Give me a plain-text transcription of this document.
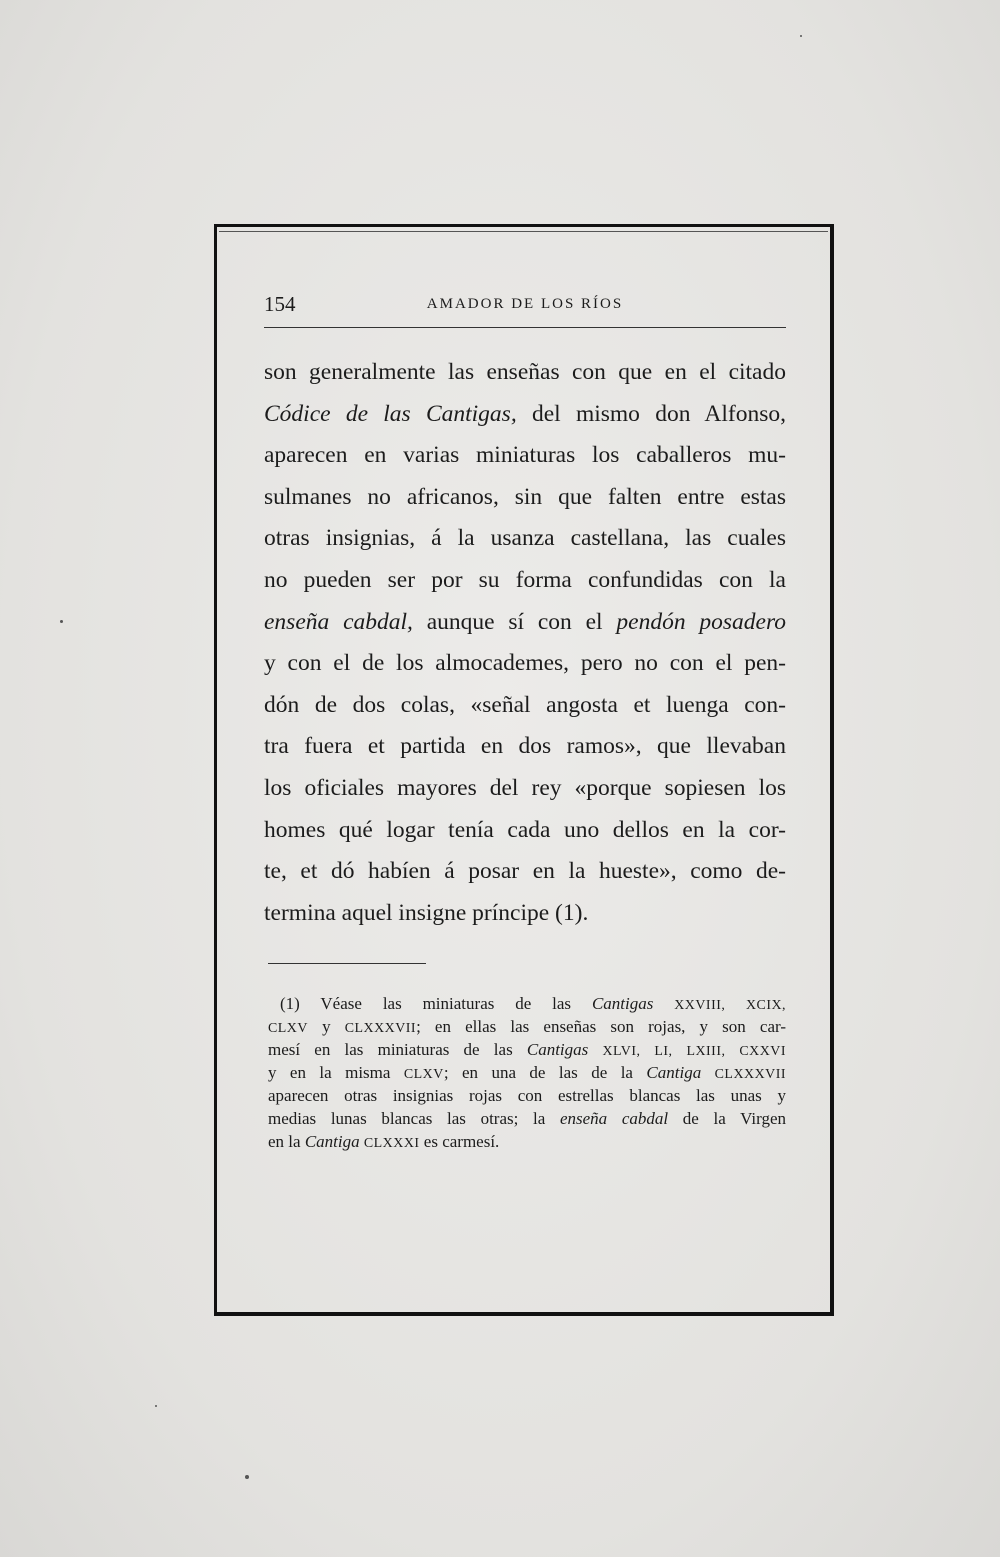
154	AMADOR DE LOS RÍOS
son generalmente las enseñas con que en el citado
Códice de las Cantigas, del mismo don Alfonso,
aparecen en varias miniaturas los caballeros mu-
sulmanes no africanos, sin que falten entre estas
otras insignias, á la usanza castellana, las cuales
no pueden ser por su forma confundidas con la
enseña cabdal, aunque sí con el pendón posadero
y con el de los almocademes, pero no con el pen-
dón de dos colas, «señal angosta et luenga con-
tra fuera et partida en dos ramos», que llevaban
los oficiales mayores del rey «porque sopiesen los
homes qué logar tenía cada uno dellos en la cor-
te, et dó habíen á posar en la hueste», como de-
termina aquel insigne príncipe (1).
(1) Véase las miniaturas de las Cantigas XXVIII, XCIX,
CLXV y CLXXXVII; en ellas las enseñas son rojas, y son car-
mesí en las miniaturas de las Cantigas XLVI, LI, LXIII, CXXVI
y en la misma CLXV; en una de las de la Cantiga CLXXXVII
aparecen otras insignias rojas con estrellas blancas las unas y
medias lunas blancas las otras; la enseña cabdal de la Virgen
en la Cantiga CLXXXI es carmesí.
